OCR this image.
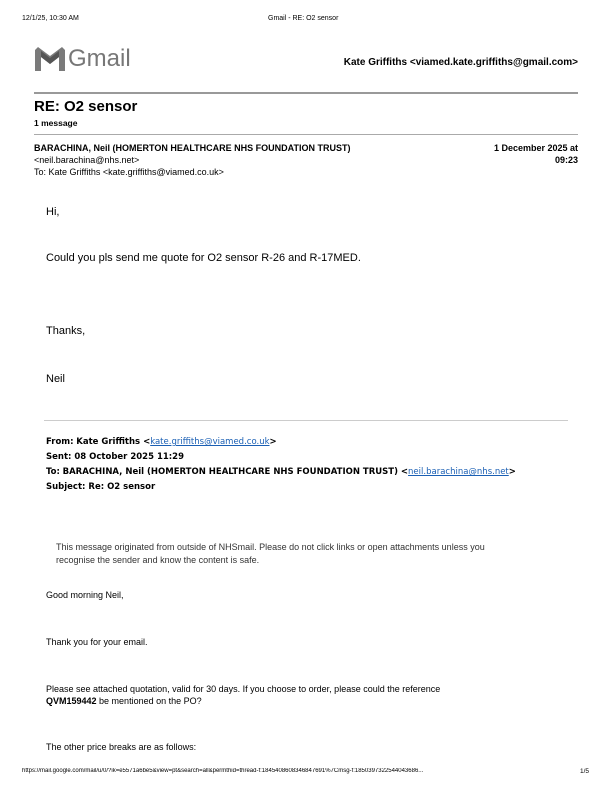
12/1/25, 10:30 AM	Gmail - RE: O2 sensor
Gmail	Kate Griffiths <viamed.kate.griffiths@gmail.com>
RE: O2 sensor
1 message
BARACHINA, Neil (HOMERTON HEALTHCARE NHS FOUNDATION TRUST)
<neil.barachina@nhs.net>
To: Kate Griffiths <kate.griffiths@viamed.co.uk>
1 December 2025 at
09:23
Hi,
Could you pls send me quote for O2 sensor R-26 and R-17MED.
Thanks,
Neil
From: Kate Griffiths <kate.griffiths@viamed.co.uk>
Sent: 08 October 2025 11:29
To: BARACHINA, Neil (HOMERTON HEALTHCARE NHS FOUNDATION TRUST) <neil.barachina@nhs.net>
Subject: Re: O2 sensor
This message originated from outside of NHSmail. Please do not click links or open attachments unless you
recognise the sender and know the content is safe.
Good morning Neil,
Thank you for your email.
Please see attached quotation, valid for 30 days. If you choose to order, please could the reference
QVM159442 be mentioned on the PO?
The other price breaks are as follows:
https://mail.google.com/mail/u/0/?ik=e5571a6be5&view=pt&search=all&permthid=thread-f:1845408608346847691%7Cmsg-f:1850397322544043686...	1/5
